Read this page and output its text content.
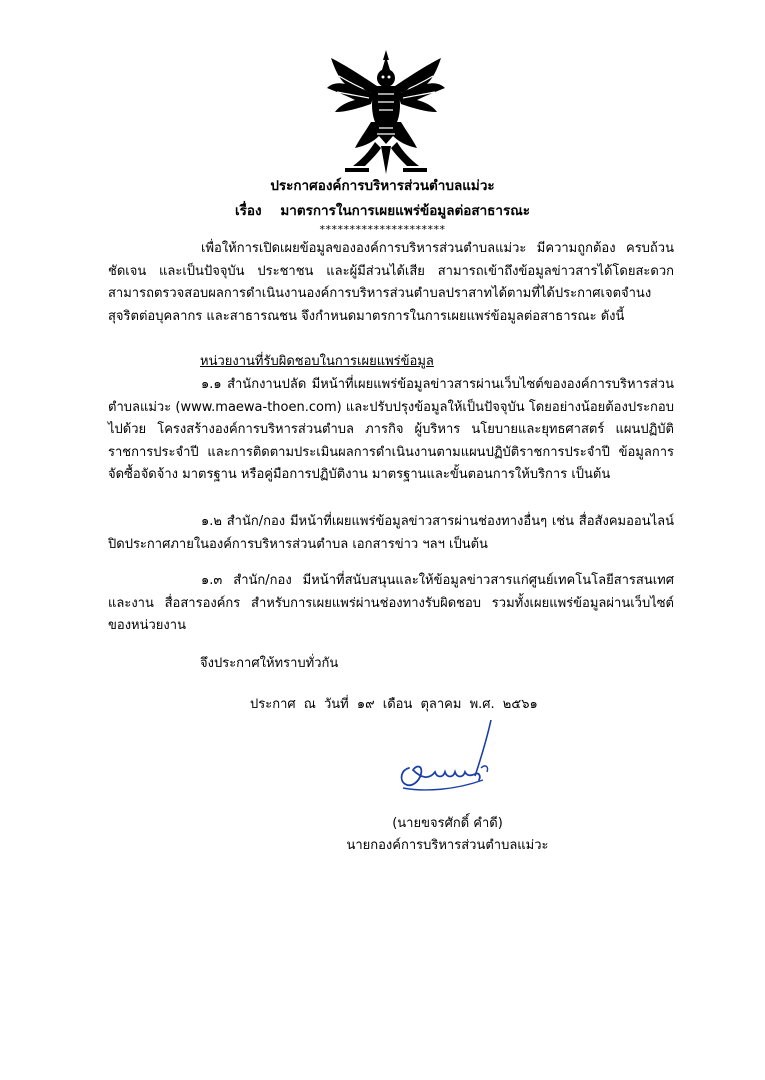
ประกาศองค์การบริหารส่วนตำบลแม่วะ
เรื่อง มาตรการในการเผยแพร่ข้อมูลต่อสาธารณะ
*********************
เพื่อให้การเปิดเผยข้อมูลขององค์การบริหารส่วนตำบลแม่วะ มีความถูกต้อง ครบถ้วน ชัดเจน และเป็นปัจจุบัน ประชาชน และผู้มีส่วนได้เสีย สามารถเข้าถึงข้อมูลข่าวสารได้โดยสะดวก สามารถตรวจสอบผลการดำเนินงานองค์การบริหารส่วนตำบลปราสาทได้ตามที่ได้ประกาศเจตจำนงสุจริตต่อบุคลากร และสาธารณชน จึงกำหนดมาตรการในการเผยแพร่ข้อมูลต่อสาธารณะ ดังนี้
หน่วยงานที่รับผิดชอบในการเผยแพร่ข้อมูล
๑.๑ สำนักงานปลัด มีหน้าที่เผยแพร่ข้อมูลข่าวสารผ่านเว็บไซต์ขององค์การบริหารส่วนตำบลแม่วะ (www.maewa-thoen.com) และปรับปรุงข้อมูลให้เป็นปัจจุบัน โดยอย่างน้อยต้องประกอบไปด้วย โครงสร้างองค์การบริหารส่วนตำบล ภารกิจ ผู้บริหาร นโยบายและยุทธศาสตร์ แผนปฏิบัติราชการประจำปี และการติดตามประเมินผลการดำเนินงานตามแผนปฏิบัติราชการประจำปี ข้อมูลการจัดซื้อจัดจ้าง มาตรฐาน หรือคู่มือการปฏิบัติงาน มาตรฐานและขั้นตอนการให้บริการ เป็นต้น
๑.๒ สำนัก/กอง มีหน้าที่เผยแพร่ข้อมูลข่าวสารผ่านช่องทางอื่นๆ เช่น สื่อสังคมออนไลน์ ปิดประกาศภายในองค์การบริหารส่วนตำบล เอกสารข่าว ฯลฯ เป็นต้น
๑.๓ สำนัก/กอง มีหน้าที่สนับสนุนและให้ข้อมูลข่าวสารแก่ศูนย์เทคโนโลยีสารสนเทศและงาน สื่อสารองค์กร สำหรับการเผยแพร่ผ่านช่องทางรับผิดชอบ รวมทั้งเผยแพร่ข้อมูลผ่านเว็บไซต์ของหน่วยงาน
จึงประกาศให้ทราบทั่วกัน
ประกาศ ณ วันที่ ๑๙ เดือน ตุลาคม พ.ศ. ๒๕๖๑
(นายขจรศักดิ์ คำดี)
นายกองค์การบริหารส่วนตำบลแม่วะ
